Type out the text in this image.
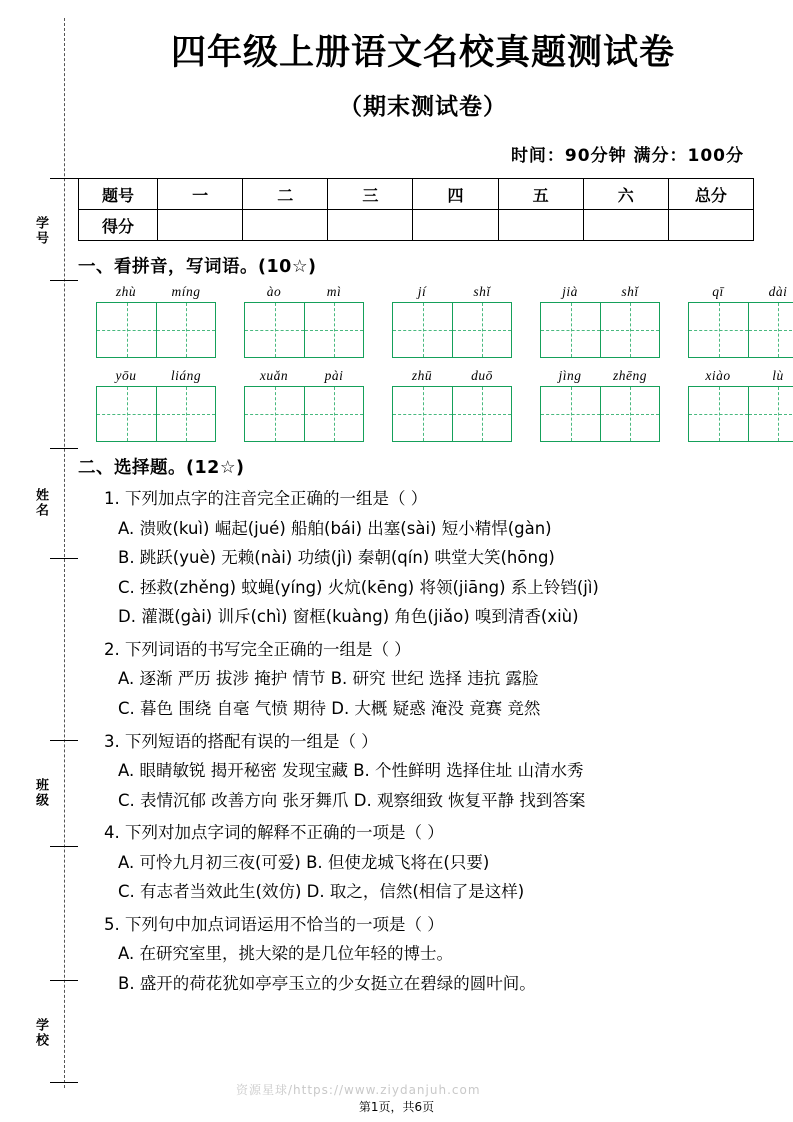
学号
姓名
班级
学校
四年级上册语文名校真题测试卷
（期末测试卷）
时间：90分钟 满分：100分
题号	一	二	三	四	五	六	总分
得分							
一、看拼音，写词语。(10☆)
zhù	míng	ào	mì	jí	shǐ	jià	shǐ	qī	dài
yōu	liáng	xuǎn	pài	zhū	duō	jìng	zhēng	xiào	lù
二、选择题。(12☆)
1. 下列加点字的注音完全正确的一组是（ ）
A. 溃败(kuì) 崛起(jué) 船舶(bái) 出塞(sài) 短小精悍(gàn)
B. 跳跃(yuè) 无赖(nài) 功绩(jì) 秦朝(qín) 哄堂大笑(hōng)
C. 拯救(zhěng) 蚊蝇(yíng) 火炕(kēng) 将领(jiāng) 系上铃铛(jì)
D. 灌溉(gài) 训斥(chì) 窗框(kuàng) 角色(jiǎo) 嗅到清香(xiù)
2. 下列词语的书写完全正确的一组是（ ）
A. 逐渐 严历 拔涉 掩护 情节 B. 研究 世纪 选择 违抗 露脸
C. 暮色 围绕 自毫 气愤 期待 D. 大概 疑惑 淹没 竟赛 竞然
3. 下列短语的搭配有误的一组是（ ）
A. 眼睛敏锐 揭开秘密 发现宝藏 B. 个性鲜明 选择住址 山清水秀
C. 表情沉郁 改善方向 张牙舞爪 D. 观察细致 恢复平静 找到答案
4. 下列对加点字词的解释不正确的一项是（ ）
A. 可怜九月初三夜(可爱) B. 但使龙城飞将在(只要)
C. 有志者当效此生(效仿) D. 取之，信然(相信了是这样)
5. 下列句中加点词语运用不恰当的一项是（ ）
A. 在研究室里，挑大梁的是几位年轻的博士。
B. 盛开的荷花犹如亭亭玉立的少女挺立在碧绿的圆叶间。
资源星球/https://www.ziydanjuh.com
第1页，共6页
